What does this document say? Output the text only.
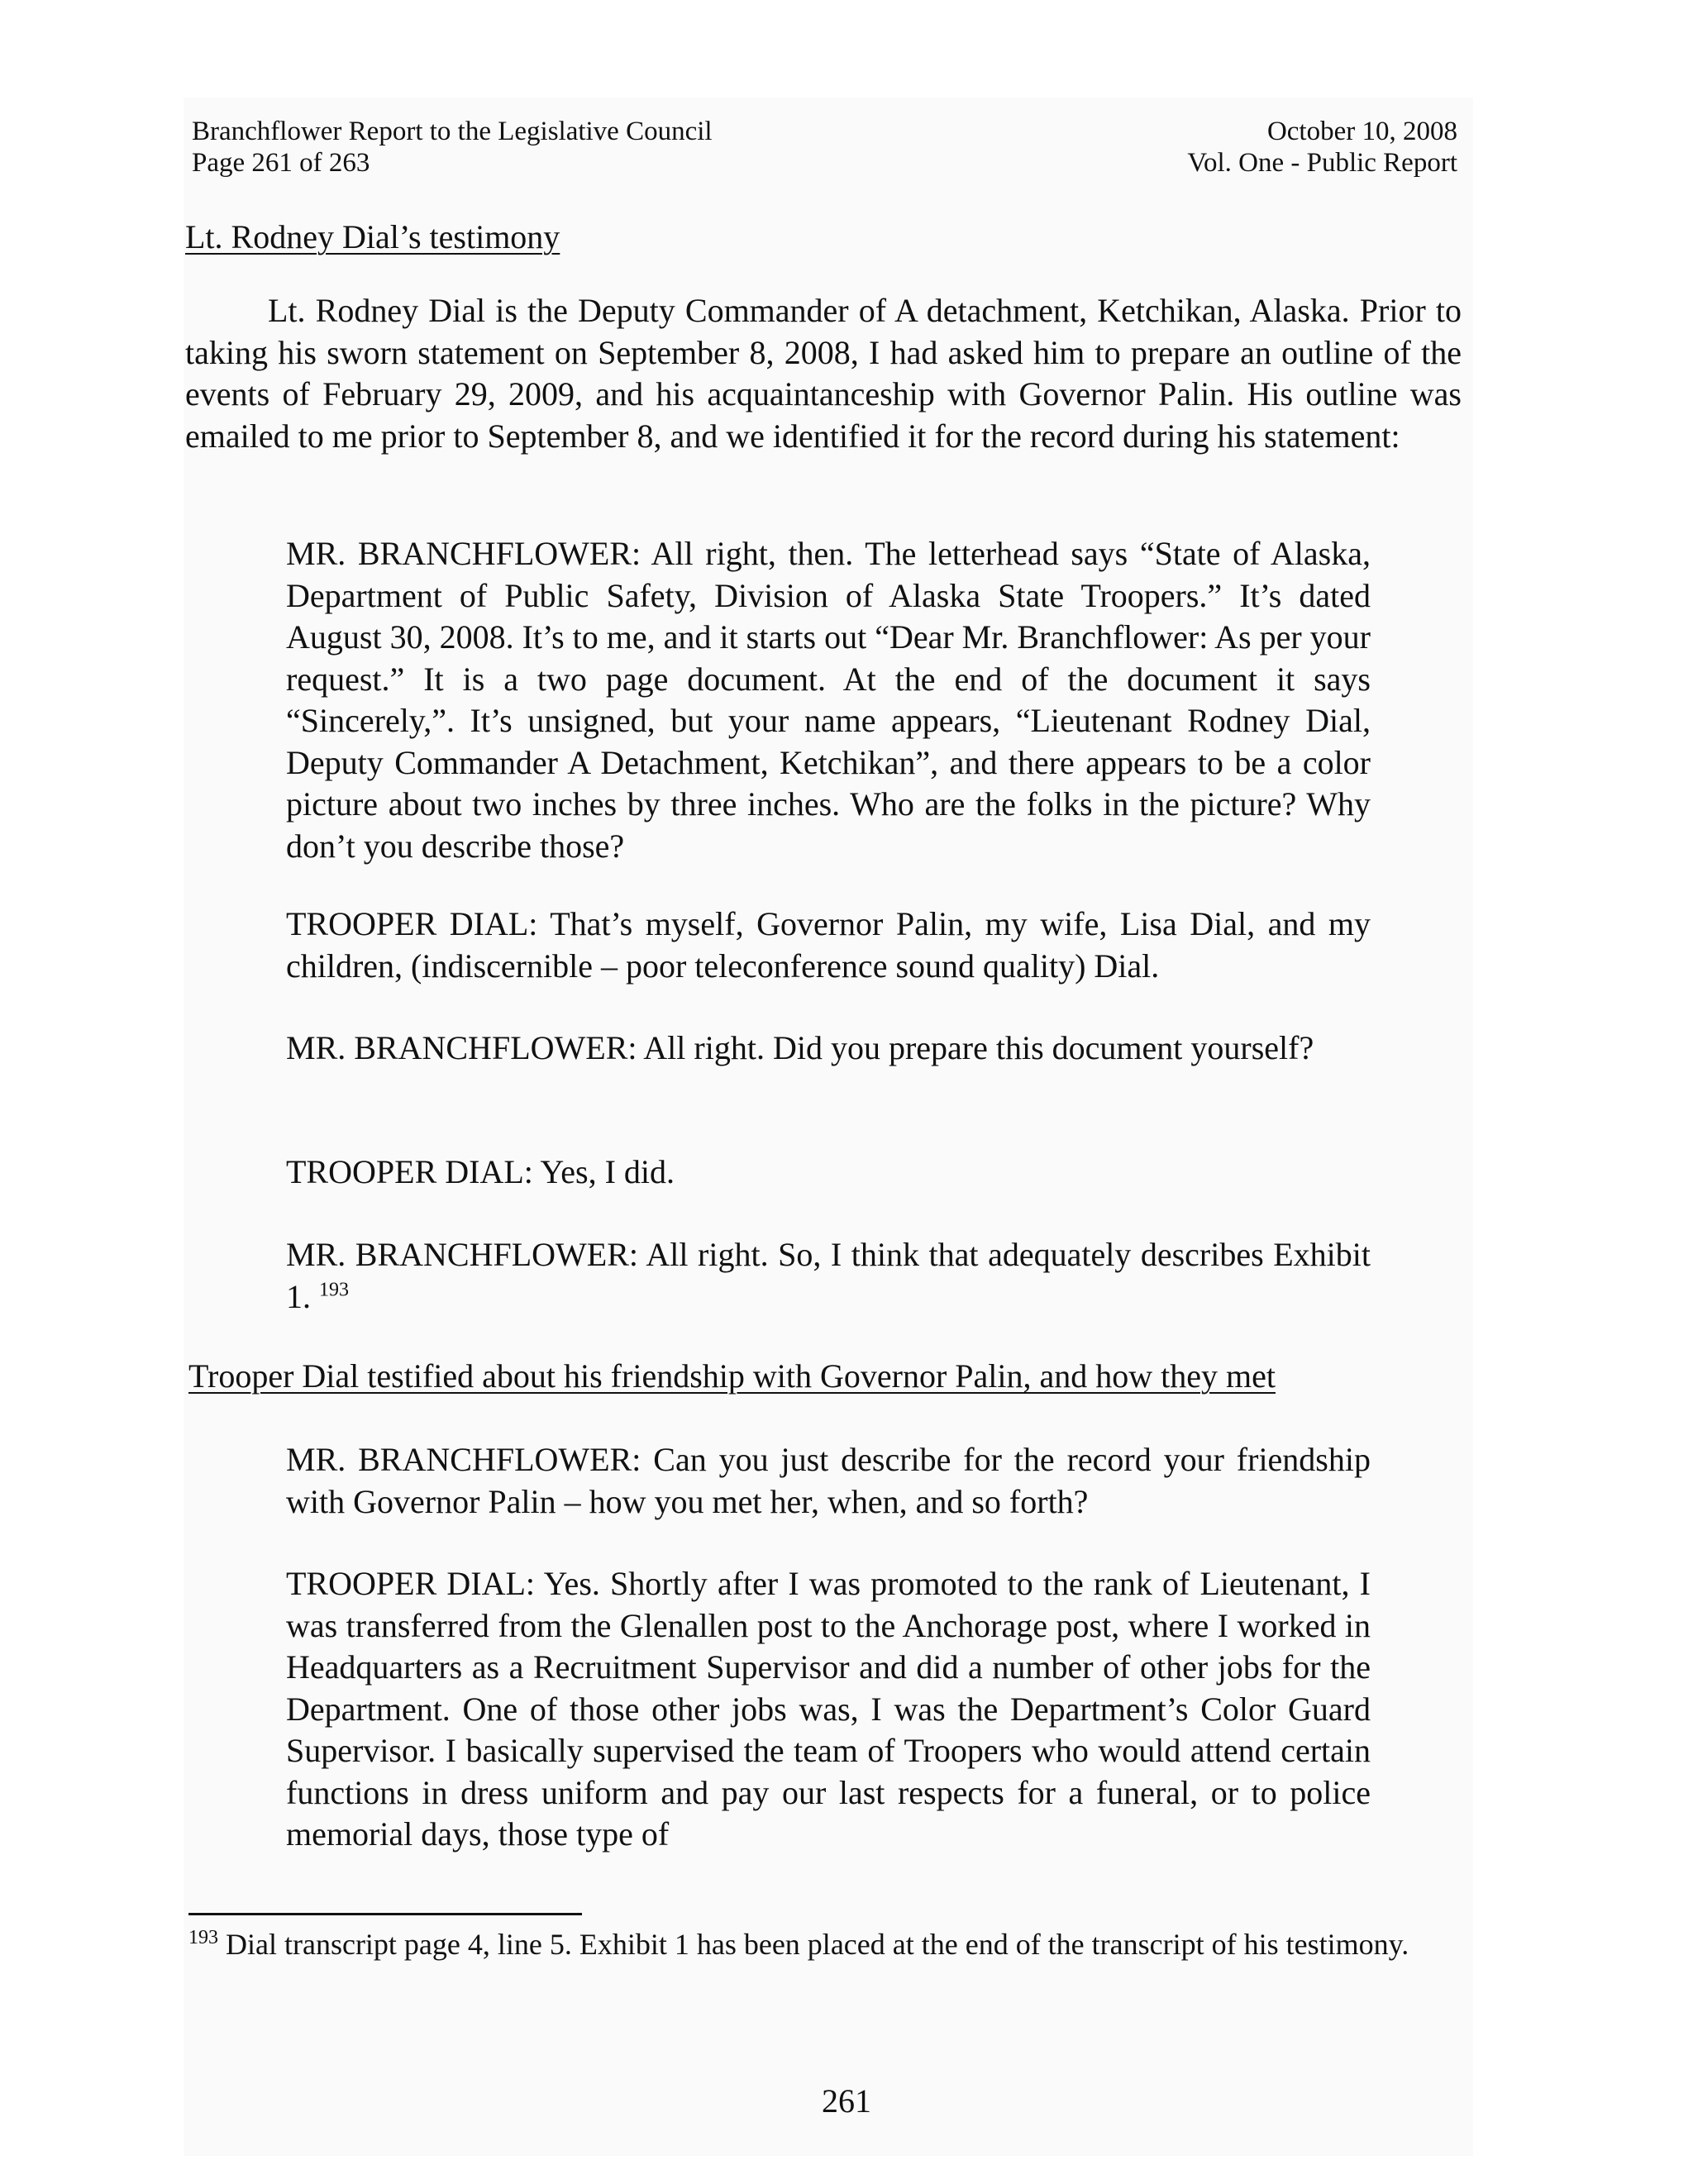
Branchflower Report to the Legislative Council
Page 261 of 263
October 10, 2008
Vol. One - Public Report
Lt. Rodney Dial’s testimony

Lt. Rodney Dial is the Deputy Commander of A detachment, Ketchikan, Alaska. Prior to taking his sworn statement on September 8, 2008, I had asked him to prepare an outline of the events of February 29, 2009, and his acquaintanceship with Governor Palin. His outline was emailed to me prior to September 8, and we identified it for the record during his statement:

MR. BRANCHFLOWER: All right, then. The letterhead says “State of Alaska, Department of Public Safety, Division of Alaska State Troopers.” It’s dated August 30, 2008. It’s to me, and it starts out “Dear Mr. Branchflower: As per your request.” It is a two page document. At the end of the document it says “Sincerely,”. It’s unsigned, but your name appears, “Lieutenant Rodney Dial, Deputy Commander A Detachment, Ketchikan”, and there appears to be a color picture about two inches by three inches. Who are the folks in the picture? Why don’t you describe those?

TROOPER DIAL: That’s myself, Governor Palin, my wife, Lisa Dial, and my children, (indiscernible – poor teleconference sound quality) Dial.

MR. BRANCHFLOWER: All right. Did you prepare this document yourself?

TROOPER DIAL: Yes, I did.

MR. BRANCHFLOWER: All right. So, I think that adequately describes Exhibit 1. $^{193}$

Trooper Dial testified about his friendship with Governor Palin, and how they met

MR. BRANCHFLOWER: Can you just describe for the record your friendship with Governor Palin – how you met her, when, and so forth?

TROOPER DIAL: Yes. Shortly after I was promoted to the rank of Lieutenant, I was transferred from the Glenallen post to the Anchorage post, where I worked in Headquarters as a Recruitment Supervisor and did a number of other jobs for the Department. One of those other jobs was, I was the Department’s Color Guard Supervisor. I basically supervised the team of Troopers who would attend certain functions in dress uniform and pay our last respects for a funeral, or to police memorial days, those type of

$^{193}$ Dial transcript page 4, line 5. Exhibit 1 has been placed at the end of the transcript of his testimony.

261
